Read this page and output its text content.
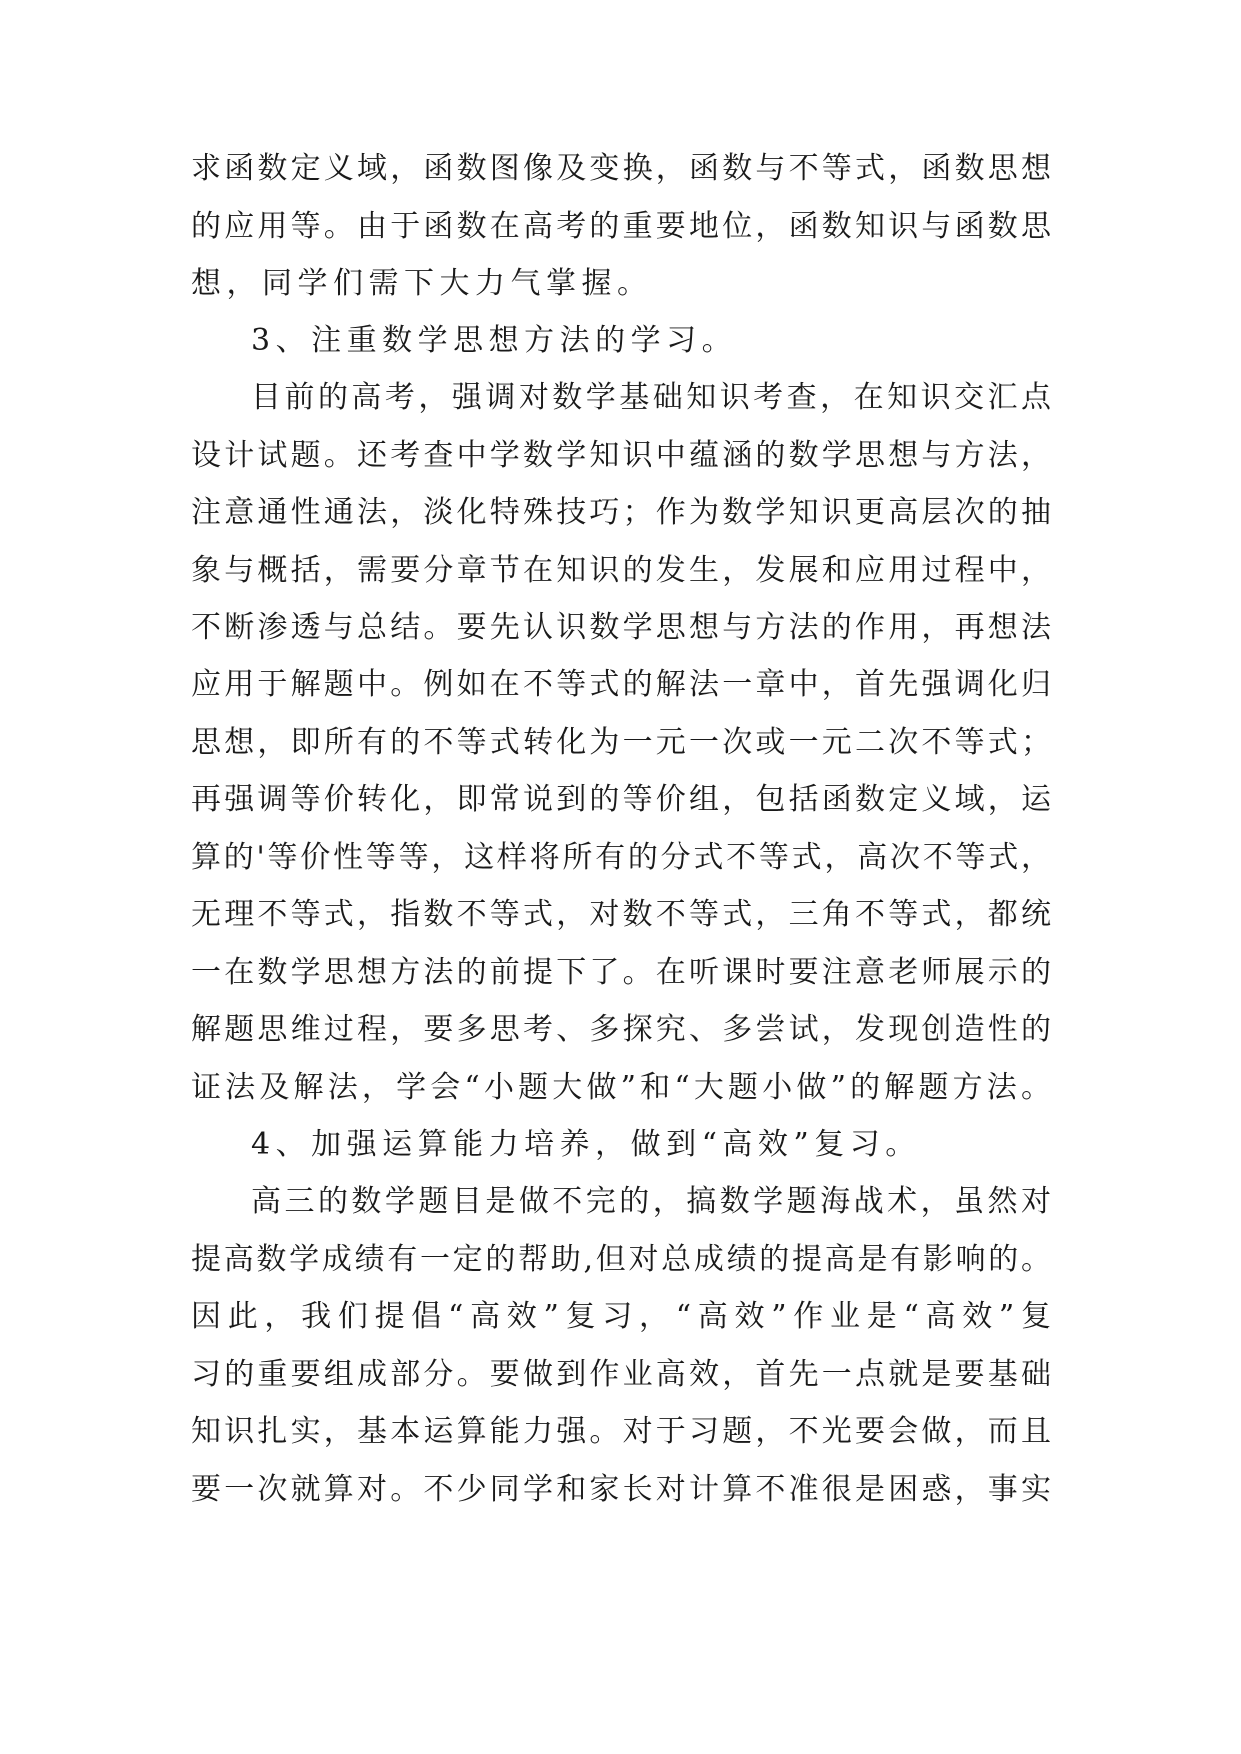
求函数定义域，函数图像及变换，函数与不等式，函数思想
的应用等。由于函数在高考的重要地位，函数知识与函数思
想，同学们需下大力气掌握。
3、注重数学思想方法的学习。
目前的高考，强调对数学基础知识考查，在知识交汇点
设计试题。还考查中学数学知识中蕴涵的数学思想与方法，
注意通性通法，淡化特殊技巧；作为数学知识更高层次的抽
象与概括，需要分章节在知识的发生，发展和应用过程中，
不断渗透与总结。要先认识数学思想与方法的作用，再想法
应用于解题中。例如在不等式的解法一章中，首先强调化归
思想，即所有的不等式转化为一元一次或一元二次不等式；
再强调等价转化，即常说到的等价组，包括函数定义域，运
算的'等价性等等，这样将所有的分式不等式，高次不等式，
无理不等式，指数不等式，对数不等式，三角不等式，都统
一在数学思想方法的前提下了。在听课时要注意老师展示的
解题思维过程，要多思考、多探究、多尝试，发现创造性的
证法及解法，学会“小题大做”和“大题小做”的解题方法。
4、加强运算能力培养，做到“高效”复习。
高三的数学题目是做不完的，搞数学题海战术，虽然对
提高数学成绩有一定的帮助,但对总成绩的提高是有影响的。
因此，我们提倡“高效”复习，“高效”作业是“高效”复
习的重要组成部分。要做到作业高效，首先一点就是要基础
知识扎实，基本运算能力强。对于习题，不光要会做，而且
要一次就算对。不少同学和家长对计算不准很是困惑，事实
